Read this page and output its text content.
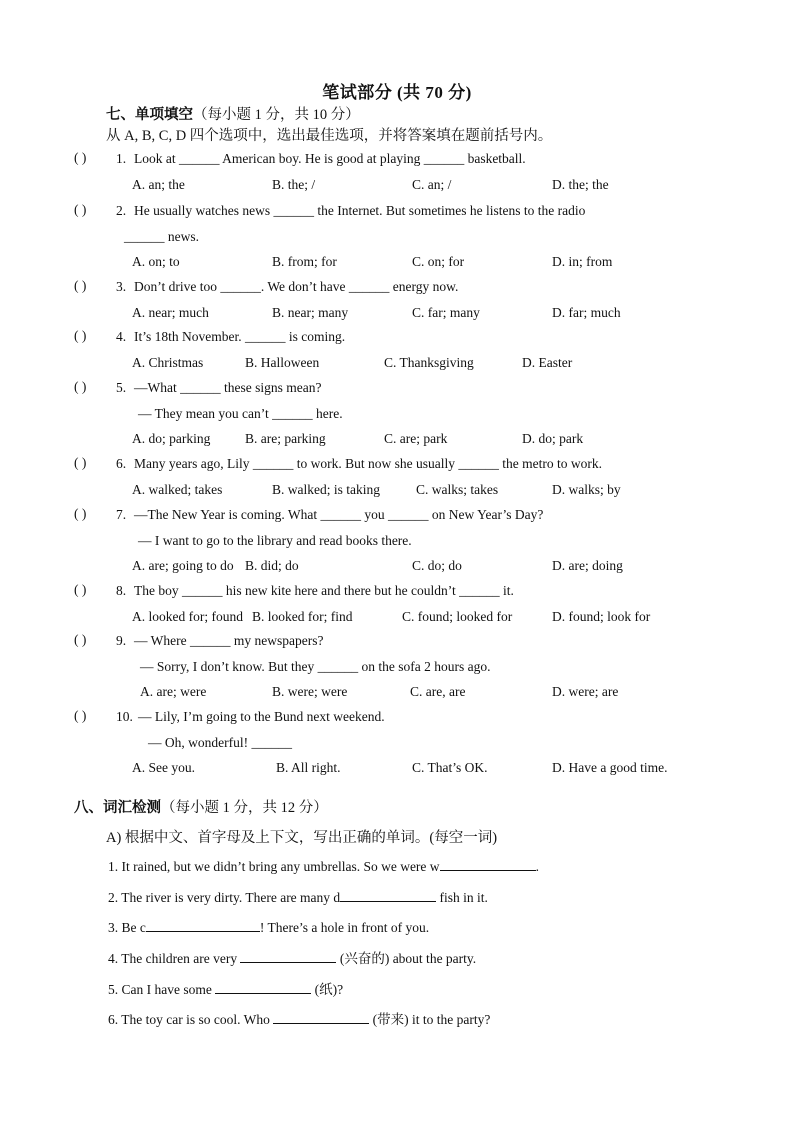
笔试部分 (共 70 分)
七、单项填空（每小题 1 分，共 10 分）
从 A, B, C, D 四个选项中，选出最佳选项，并将答案填在题前括号内。
( )	1. Look at ______ American boy. He is good at playing ______ basketball.
A. an; the	B. the; /	C. an; /	D. the; the
( )	2. He usually watches news ______ the Internet. But sometimes he listens to the radio
______ news.
A. on; to	B. from; for	C. on; for	D. in; from
( )	3. Don’t drive too ______. We don’t have ______ energy now.
A. near; much	B. near; many	C. far; many	D. far; much
( )	4. It’s 18th November. ______ is coming.
A. Christmas	B. Halloween	C. Thanksgiving	D. Easter
( )	5. —What ______ these signs mean?
— They mean you can’t ______ here.
A. do; parking	B. are; parking	C. are; park	D. do; park
( )	6. Many years ago, Lily ______ to work. But now she usually ______ the metro to work.
A. walked; takes	B. walked; is taking	C. walks; takes	D. walks; by
( )	7. —The New Year is coming. What ______ you ______ on New Year’s Day?
— I want to go to the library and read books there.
A. are; going to do B. did; do	C. do; do	D. are; doing
( )	8. The boy ______ his new kite here and there but he couldn’t ______ it.
A. looked for; found B. looked for; find	C. found; looked for	D. found; look for
( )	9. — Where ______ my newspapers?
— Sorry, I don’t know. But they ______ on the sofa 2 hours ago.
A. are; were	B. were; were	C. are, are	D. were; are
( )	10. — Lily, I’m going to the Bund next weekend.
— Oh, wonderful! ______
A. See you.	B. All right.	C. That’s OK.	D. Have a good time.
八、词汇检测（每小题 1 分，共 12 分）
A) 根据中文、首字母及上下文，写出正确的单词。(每空一词)
1. It rained, but we didn’t bring any umbrellas. So we were w	.
2. The river is very dirty. There are many d	fish in it.
3. Be c	! There’s a hole in front of you.
4. The children are very	(兴奋的) about the party.
5. Can I have some	(纸)?
6. The toy car is so cool. Who	(带来) it to the party?
